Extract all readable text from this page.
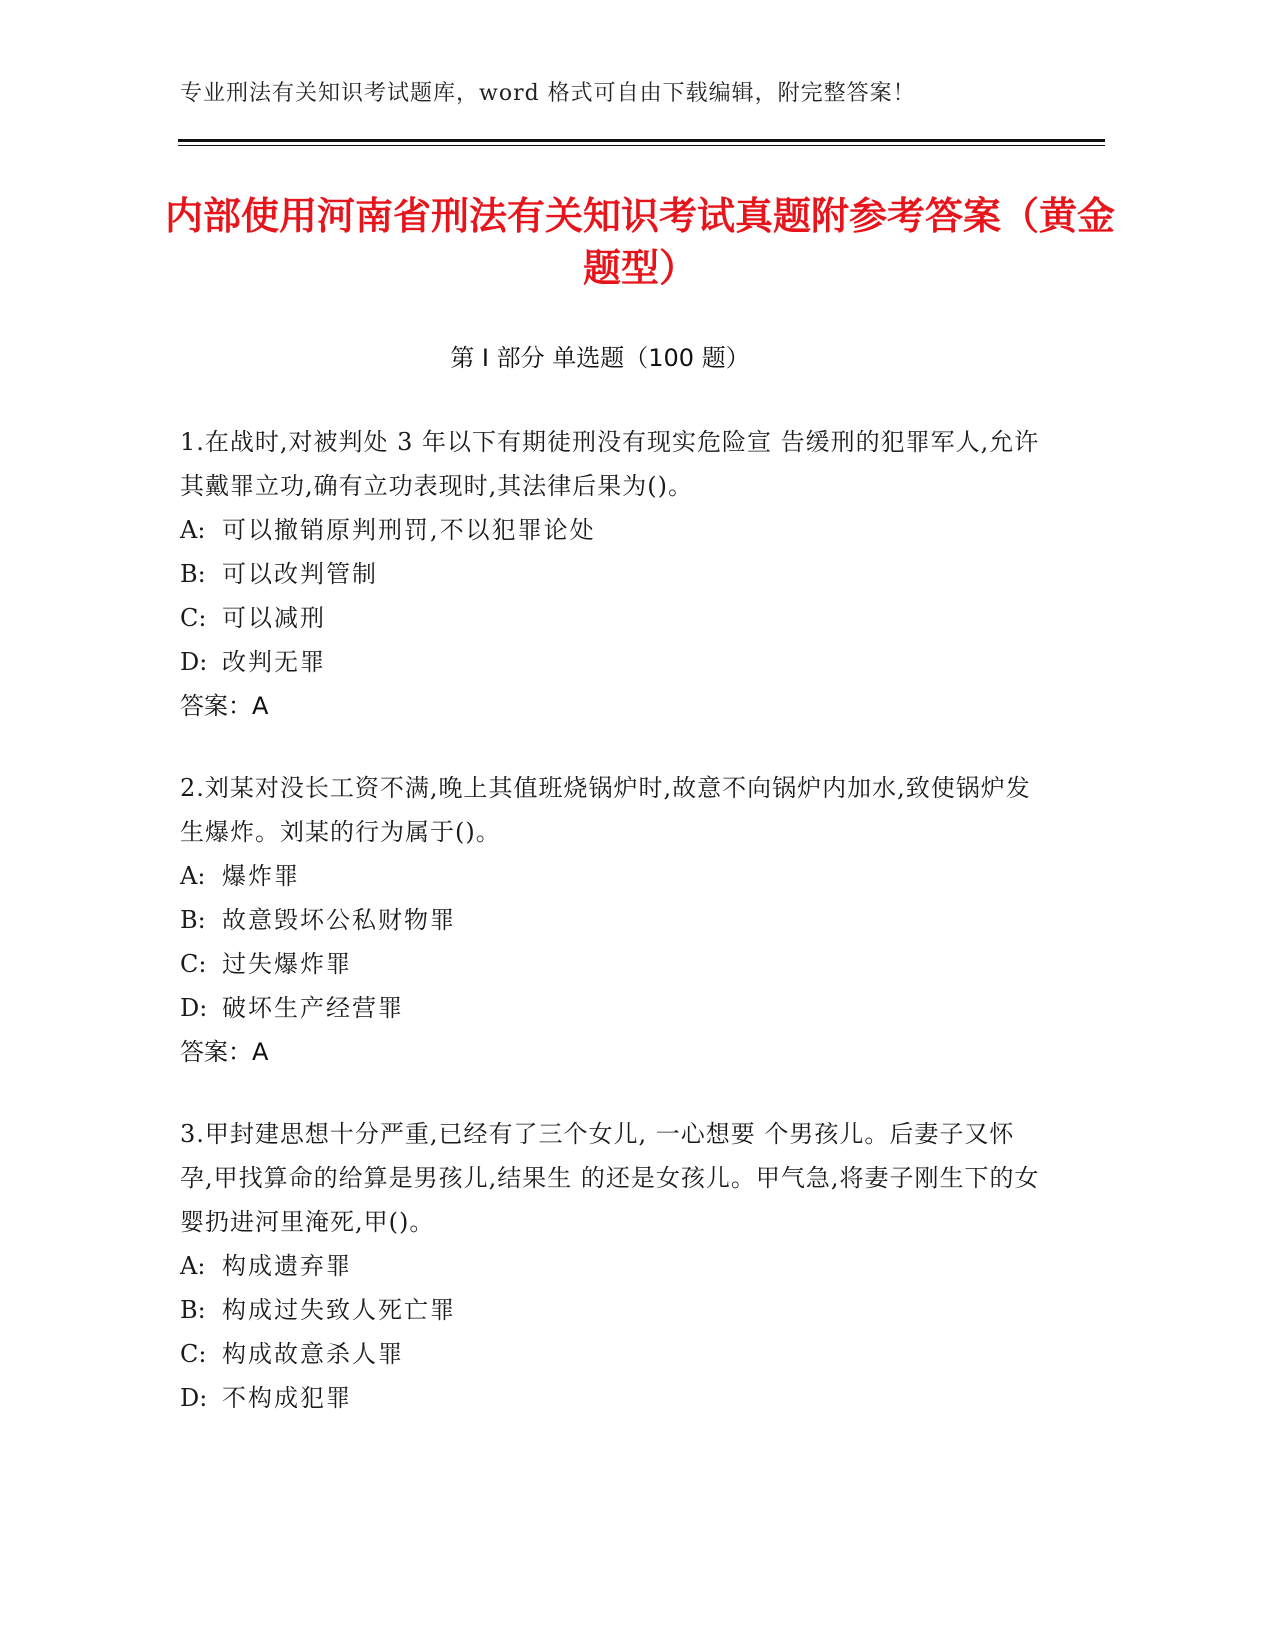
专业刑法有关知识考试题库，word 格式可自由下载编辑，附完整答案！
内部使用河南省刑法有关知识考试真题附参考答案（黄金题型）
第 I 部分 单选题（100 题）

1.在战时,对被判处 3 年以下有期徒刑没有现实危险宣 告缓刑的犯罪军人,允许其戴罪立功,确有立功表现时,其法律后果为()。

A: 可以撤销原判刑罚,不以犯罪论处

B: 可以改判管制

C: 可以减刑

D: 改判无罪

答案：A

2.刘某对没长工资不满,晚上其值班烧锅炉时,故意不向锅炉内加水,致使锅炉发生爆炸。刘某的行为属于()。

A: 爆炸罪

B: 故意毁坏公私财物罪

C: 过失爆炸罪

D: 破坏生产经营罪

答案：A

3.甲封建思想十分严重,已经有了三个女儿, 一心想要 个男孩儿。后妻子又怀孕,甲找算命的给算是男孩儿,结果生 的还是女孩儿。甲气急,将妻子刚生下的女婴扔进河里淹死,甲()。

A: 构成遗弃罪

B: 构成过失致人死亡罪

C: 构成故意杀人罪

D: 不构成犯罪
